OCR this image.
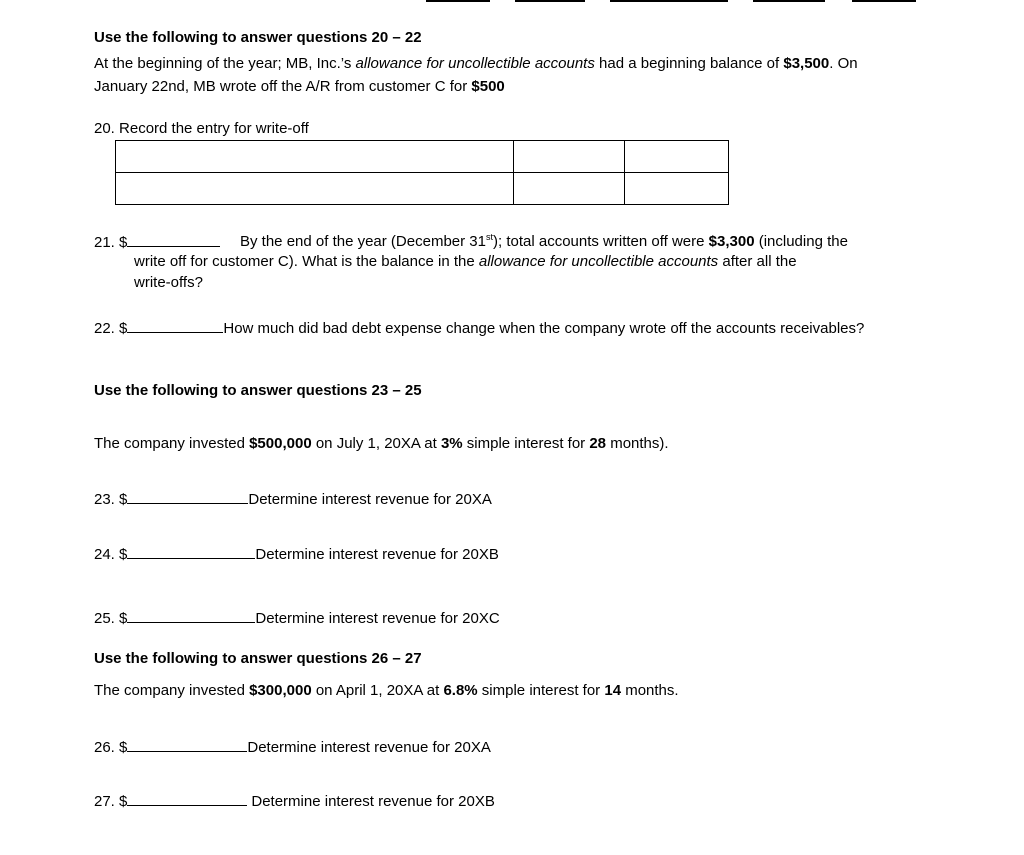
Use the following to answer questions 20 – 22
At the beginning of the year; MB, Inc.’s allowance for uncollectible accounts had a beginning balance of $3,500. On
January 22nd, MB wrote off the A/R from customer C for $500
20. Record the entry for write-off

21. $	By the end of the year (December 31st); total accounts written off were $3,300 (including the
write off for customer C). What is the balance in the allowance for uncollectible accounts after all the
write-offs?
22. $	How much did bad debt expense change when the company wrote off the accounts receivables?
Use the following to answer questions 23 – 25
The company invested $500,000 on July 1, 20XA at 3% simple interest for 28 months).
23. $	Determine interest revenue for 20XA
24. $	Determine interest revenue for 20XB
25. $	Determine interest revenue for 20XC
Use the following to answer questions 26 – 27
The company invested $300,000 on April 1, 20XA at 6.8% simple interest for 14 months.
26. $	Determine interest revenue for 20XA
27. $	Determine interest revenue for 20XB
